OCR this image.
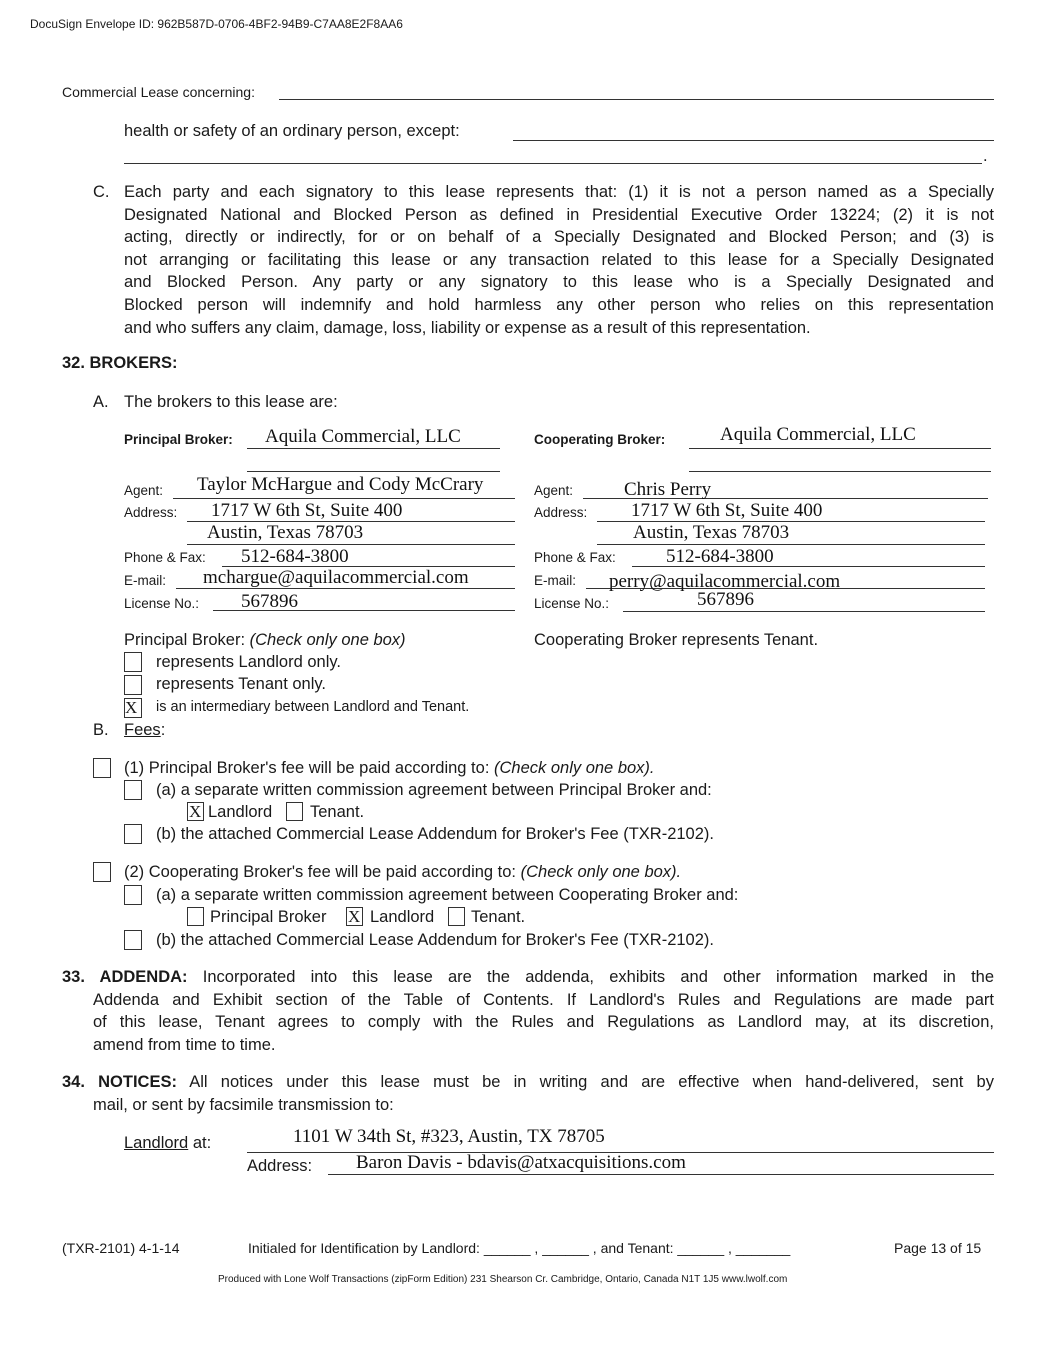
DocuSign Envelope ID: 962B587D-0706-4BF2-94B9-C7AA8E2F8AA6
Commercial Lease concerning:
health or safety of an ordinary person, except:
.
C. Each party and each signatory to this lease represents that: (1) it is not a person named as a Specially
Designated National and Blocked Person as defined in Presidential Executive Order 13224; (2) it is not
acting, directly or indirectly, for or on behalf of a Specially Designated and Blocked Person; and (3) is
not arranging or facilitating this lease or any transaction related to this lease for a Specially Designated
and Blocked Person. Any party or any signatory to this lease who is a Specially Designated and
Blocked person will indemnify and hold harmless any other person who relies on this representation
and who suffers any claim, damage, loss, liability or expense as a result of this representation.
32. BROKERS:
A. The brokers to this lease are:
Principal Broker: Aquila Commercial, LLC
Agent: Taylor McHargue and Cody McCrary
Address: 1717 W 6th St, Suite 400
Austin, Texas 78703
Phone & Fax: 512-684-3800
E-mail: mchargue@aquilacommercial.com
License No.: 567896
Cooperating Broker:	Aquila Commercial, LLC
Agent:	Chris Perry
Address: 1717 W 6th St, Suite 400
Austin, Texas 78703
Phone & Fax:	512-684-3800
E-mail: perry@aquilacommercial.com
License No.:	567896
Principal Broker: (Check only one box)	Cooperating Broker represents Tenant.
represents Landlord only.
represents Tenant only.
X is an intermediary between Landlord and Tenant.
B. Fees:
(1) Principal Broker's fee will be paid according to: (Check only one box).
(a) a separate written commission agreement between Principal Broker and:
X Landlord Tenant.
(b) the attached Commercial Lease Addendum for Broker's Fee (TXR-2102).
(2) Cooperating Broker's fee will be paid according to: (Check only one box).
(a) a separate written commission agreement between Cooperating Broker and:
Principal Broker X Landlord Tenant.
(b) the attached Commercial Lease Addendum for Broker's Fee (TXR-2102).
33. ADDENDA: Incorporated into this lease are the addenda, exhibits and other information marked in the
Addenda and Exhibit section of the Table of Contents. If Landlord's Rules and Regulations are made part
of this lease, Tenant agrees to comply with the Rules and Regulations as Landlord may, at its discretion,
amend from time to time.
34. NOTICES: All notices under this lease must be in writing and are effective when hand-delivered, sent by
mail, or sent by facsimile transmission to:
Landlord at:	1101 W 34th St, #323, Austin, TX 78705
Address: Baron Davis - bdavis@atxacquisitions.com
(TXR-2101) 4-1-14	Initialed for Identification by Landlord: ______ , ______ , and Tenant: ______ , _______	Page 13 of 15
Produced with Lone Wolf Transactions (zipForm Edition) 231 Shearson Cr. Cambridge, Ontario, Canada N1T 1J5 www.lwolf.com
